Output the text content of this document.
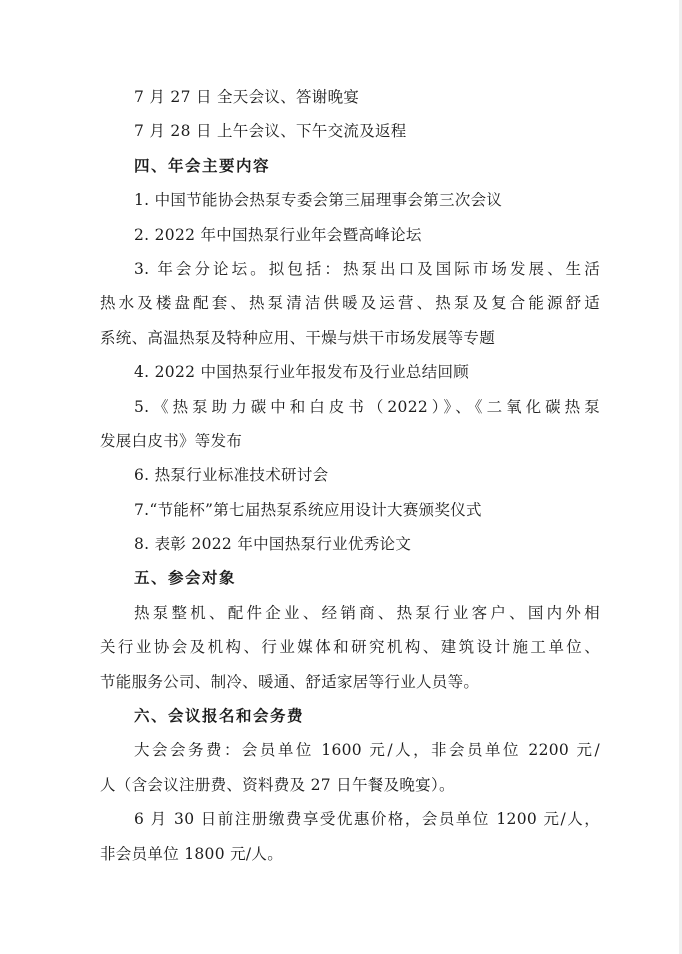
7 月 27 日 全天会议、答谢晚宴
7 月 28 日 上午会议、下午交流及返程
四、年会主要内容
1. 中国节能协会热泵专委会第三届理事会第三次会议
2. 2022 年中国热泵行业年会暨高峰论坛
3. 年会分论坛。拟包括：热泵出口及国际市场发展、生活
热水及楼盘配套、热泵清洁供暖及运营、热泵及复合能源舒适
系统、高温热泵及特种应用、干燥与烘干市场发展等专题
4. 2022 中国热泵行业年报发布及行业总结回顾
5.《热泵助力碳中和白皮书（2022）》、《二氧化碳热泵
发展白皮书》等发布
6. 热泵行业标准技术研讨会
7.“节能杯”第七届热泵系统应用设计大赛颁奖仪式
8. 表彰 2022 年中国热泵行业优秀论文
五、参会对象
热泵整机、配件企业、经销商、热泵行业客户、国内外相
关行业协会及机构、行业媒体和研究机构、建筑设计施工单位、
节能服务公司、制冷、暖通、舒适家居等行业人员等。
六、会议报名和会务费
大会会务费：会员单位 1600 元/人，非会员单位 2200 元/
人（含会议注册费、资料费及 27 日午餐及晚宴）。
6 月 30 日前注册缴费享受优惠价格，会员单位 1200 元/人，
非会员单位 1800 元/人。
